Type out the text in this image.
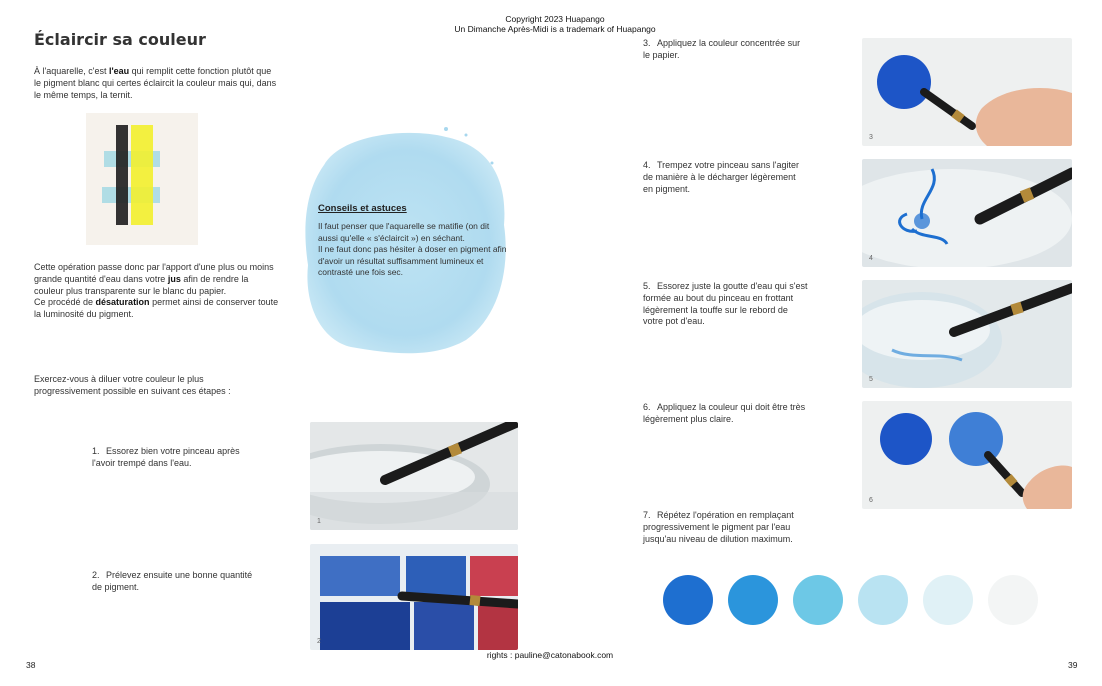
Copyright 2023 Huapango
Un Dimanche Après-Midi is a trademark of Huapango
Éclaircir sa couleur

À l'aquarelle, c'est l'eau qui remplit cette fonction plutôt que le pigment blanc qui certes éclaircit la couleur mais qui, dans le même temps, la ternit.

Cette opération passe donc par l'apport d'une plus ou moins grande quantité d'eau dans votre jus afin de rendre la couleur plus transparente sur le blanc du papier.
Ce procédé de désaturation permet ainsi de conserver toute la luminosité du pigment.

Conseils et astuces
Il faut penser que l'aquarelle se matifie (on dit aussi qu'elle « s'éclaircit ») en séchant.
Il ne faut donc pas hésiter à doser en pigment afin d'avoir un résultat suffisamment lumineux et contrasté une fois sec.

Exercez-vous à diluer votre couleur le plus progressivement possible en suivant ces étapes :

1. Essorez bien votre pinceau après l'avoir trempé dans l'eau.
1
2. Prélevez ensuite une bonne quantité de pigment.
2
38
3. Appliquez la couleur concentrée sur le papier.
3
4. Trempez votre pinceau sans l'agiter de manière à le décharger légèrement en pigment.
4
5. Essorez juste la goutte d'eau qui s'est formée au bout du pinceau en frottant légèrement la touffe sur le rebord de votre pot d'eau.
5
6. Appliquez la couleur qui doit être très légèrement plus claire.
6
7. Répétez l'opération en remplaçant progressivement le pigment par l'eau jusqu'au niveau de dilution maximum.
39
rights : pauline@catonabook.com
